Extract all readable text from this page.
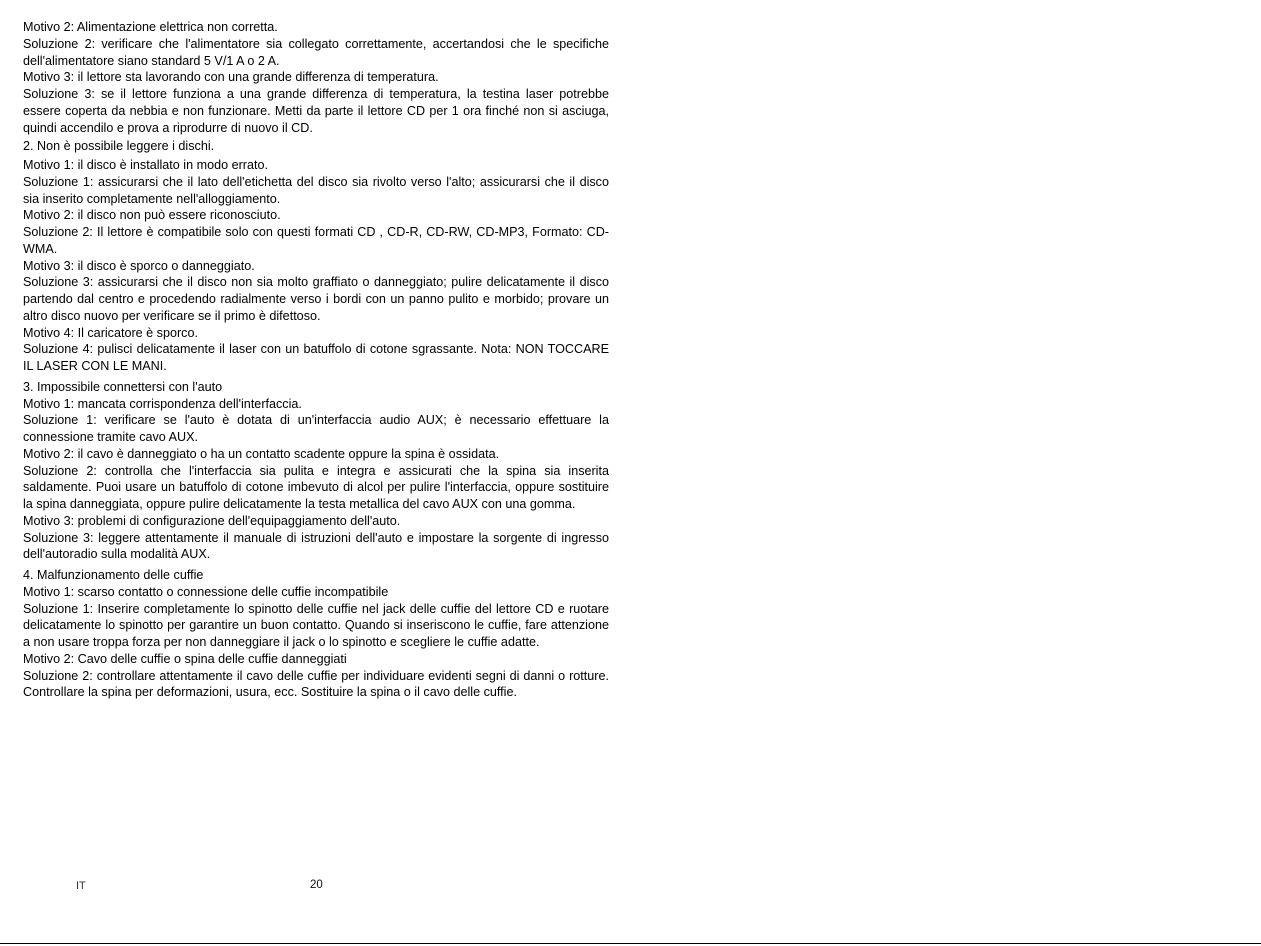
Motivo 2: Alimentazione elettrica non corretta.

Soluzione 2: verificare che l'alimentatore sia collegato correttamente, accertandosi che le specifiche dell'alimentatore siano standard 5 V/1 A o 2 A.

Motivo 3: il lettore sta lavorando con una grande differenza di temperatura.

Soluzione 3: se il lettore funziona a una grande differenza di temperatura, la testina laser potrebbe essere coperta da nebbia e non funzionare. Metti da parte il lettore CD per 1 ora finché non si asciuga, quindi accendilo e prova a riprodurre di nuovo il CD.

2. Non è possibile leggere i dischi.

Motivo 1: il disco è installato in modo errato.

Soluzione 1: assicurarsi che il lato dell'etichetta del disco sia rivolto verso l'alto; assicurarsi che il disco sia inserito completamente nell'alloggiamento.

Motivo 2: il disco non può essere riconosciuto.

Soluzione 2: Il lettore è compatibile solo con questi formati CD , CD-R, CD-RW, CD-MP3, Formato: CD-WMA.

Motivo 3: il disco è sporco o danneggiato.

Soluzione 3: assicurarsi che il disco non sia molto graffiato o danneggiato; pulire delicatamente il disco partendo dal centro e procedendo radialmente verso i bordi con un panno pulito e morbido; provare un altro disco nuovo per verificare se il primo è difettoso.

Motivo 4: Il caricatore è sporco.

Soluzione 4: pulisci delicatamente il laser con un batuffolo di cotone sgrassante. Nota: NON TOCCARE IL LASER CON LE MANI.

3. Impossibile connettersi con l'auto

Motivo 1: mancata corrispondenza dell'interfaccia.

Soluzione 1: verificare se l'auto è dotata di un'interfaccia audio AUX; è necessario effettuare la connessione tramite cavo AUX.

Motivo 2: il cavo è danneggiato o ha un contatto scadente oppure la spina è ossidata.

Soluzione 2: controlla che l'interfaccia sia pulita e integra e assicurati che la spina sia inserita saldamente. Puoi usare un batuffolo di cotone imbevuto di alcol per pulire l'interfaccia, oppure sostituire la spina danneggiata, oppure pulire delicatamente la testa metallica del cavo AUX con una gomma.

Motivo 3: problemi di configurazione dell'equipaggiamento dell'auto.

Soluzione 3: leggere attentamente il manuale di istruzioni dell'auto e impostare la sorgente di ingresso dell'autoradio sulla modalità AUX.

4. Malfunzionamento delle cuffie

Motivo 1: scarso contatto o connessione delle cuffie incompatibile

Soluzione 1: Inserire completamente lo spinotto delle cuffie nel jack delle cuffie del lettore CD e ruotare delicatamente lo spinotto per garantire un buon contatto. Quando si inseriscono le cuffie, fare attenzione a non usare troppa forza per non danneggiare il jack o lo spinotto e scegliere le cuffie adatte.

Motivo 2: Cavo delle cuffie o spina delle cuffie danneggiati

Soluzione 2: controllare attentamente il cavo delle cuffie per individuare evidenti segni di danni o rotture. Controllare la spina per deformazioni, usura, ecc. Sostituire la spina o il cavo delle cuffie.

IT	20
